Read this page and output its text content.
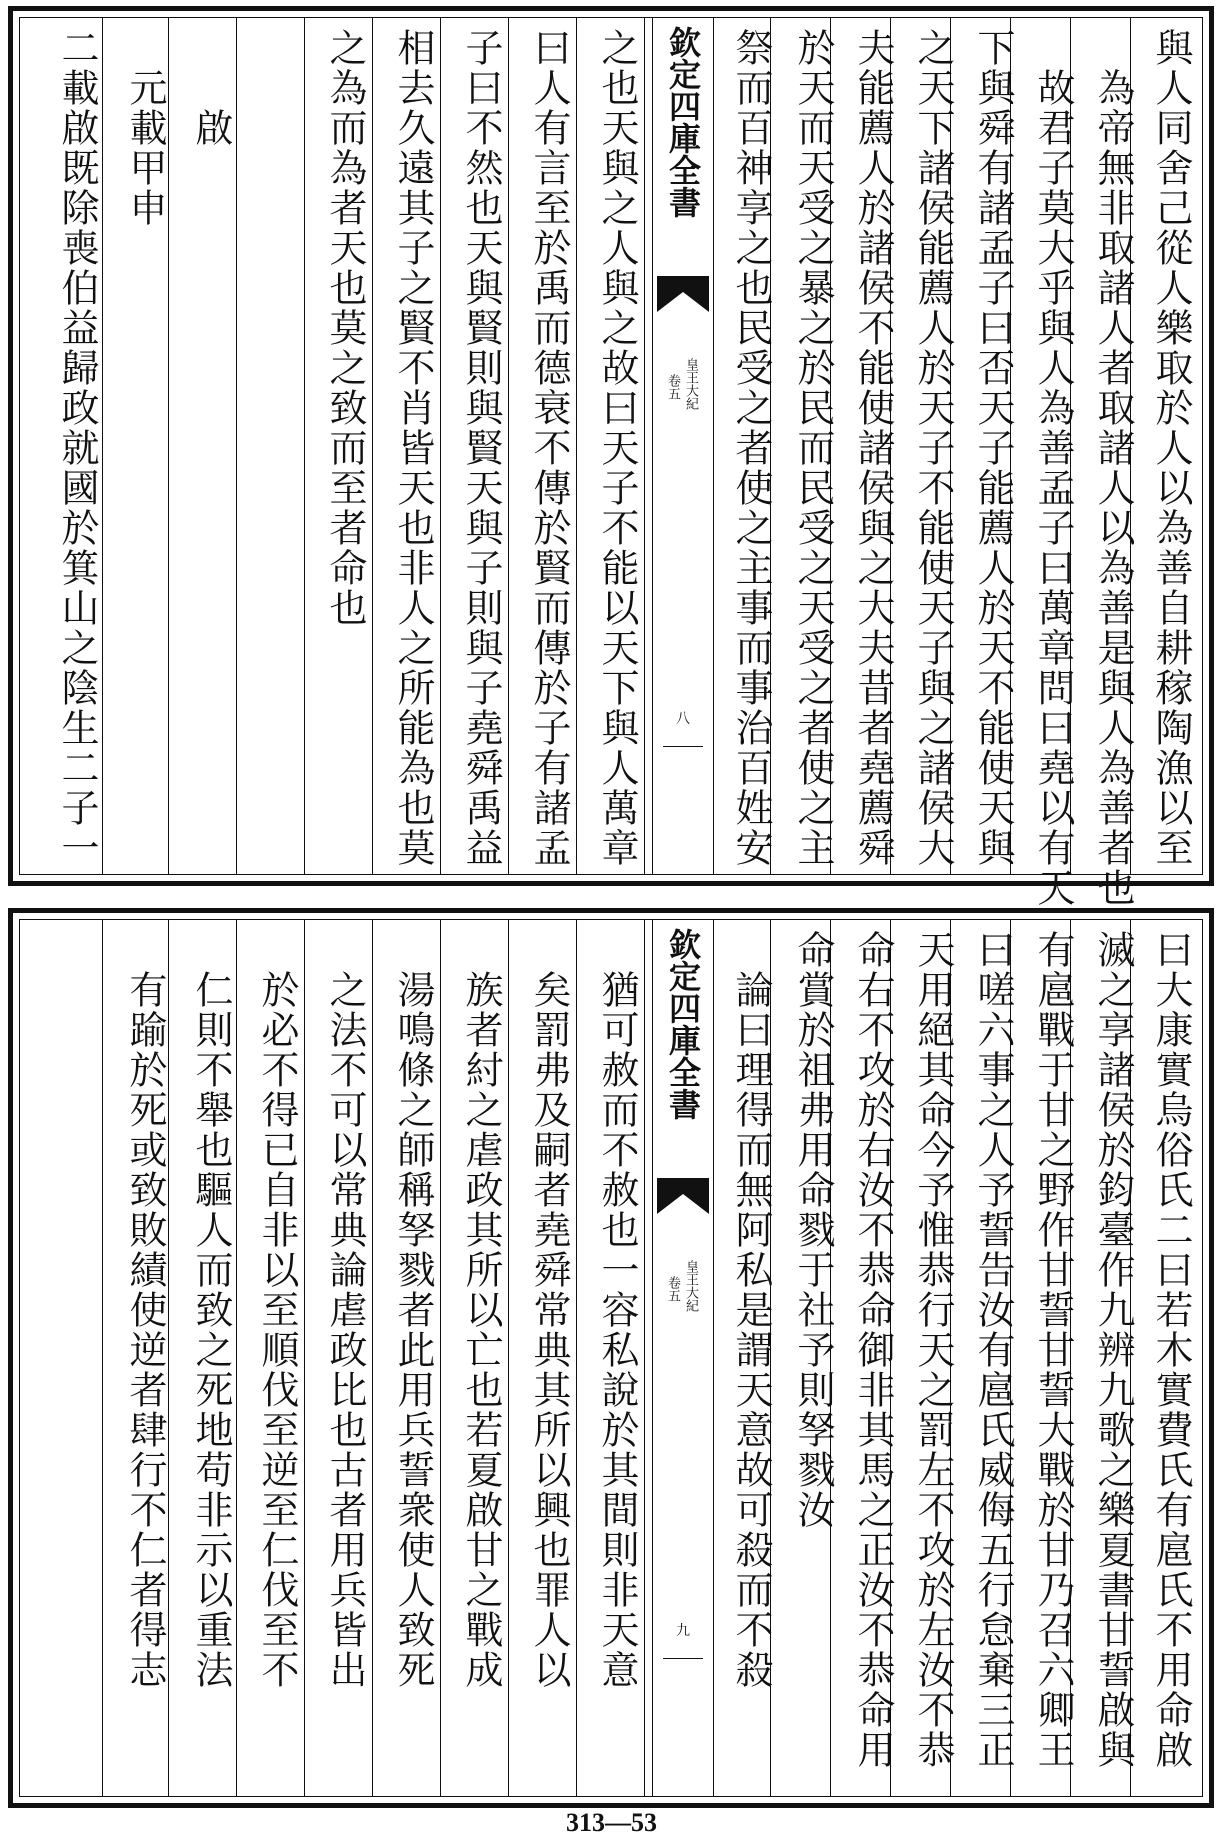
與人同舍己從人樂取於人以為善自耕稼陶漁以至
為帝無非取諸人者取諸人以為善是與人為善者也
故君子莫大乎與人為善孟子曰萬章問曰堯以有天
下與舜有諸孟子曰否天子能薦人於天不能使天與
之天下諸侯能薦人於天子不能使天子與之諸侯大
夫能薦人於諸侯不能使諸侯與之大夫昔者堯薦舜
於天而天受之暴之於民而民受之天受之者使之主
祭而百神享之也民受之者使之主事而事治百姓安
欽定四庫全書
皇王大紀
卷五
八
之也天與之人與之故曰天子不能以天下與人萬章
曰人有言至於禹而德衰不傳於賢而傳於子有諸孟
子曰不然也天與賢則與賢天與子則與子堯舜禹益
相去久遠其子之賢不肖皆天也非人之所能為也莫
之為而為者天也莫之致而至者命也
啟
元載甲申
二載啟既除喪伯益歸政就國於箕山之陰生二子一
曰大康實烏俗氏二曰若木實費氏有扈氏不用命啟
滅之享諸侯於鈞臺作九辨九歌之樂夏書甘誓啟與
有扈戰于甘之野作甘誓甘誓大戰於甘乃召六卿王
曰嗟六事之人予誓告汝有扈氏威侮五行怠棄三正
天用絕其命今予惟恭行天之罰左不攻於左汝不恭
命右不攻於右汝不恭命御非其馬之正汝不恭命用
命賞於祖弗用命戮于社予則孥戮汝
論曰理得而無阿私是謂天意故可殺而不殺
欽定四庫全書
皇王大紀
卷五
九
猶可赦而不赦也一容私說於其間則非天意
矣罰弗及嗣者堯舜常典其所以興也罪人以
族者紂之虐政其所以亡也若夏啟甘之戰成
湯鳴條之師稱孥戮者此用兵誓衆使人致死
之法不可以常典論虐政比也古者用兵皆出
於必不得已自非以至順伐至逆至仁伐至不
仁則不舉也驅人而致之死地苟非示以重法
有踰於死或致敗績使逆者肆行不仁者得志
313—53
